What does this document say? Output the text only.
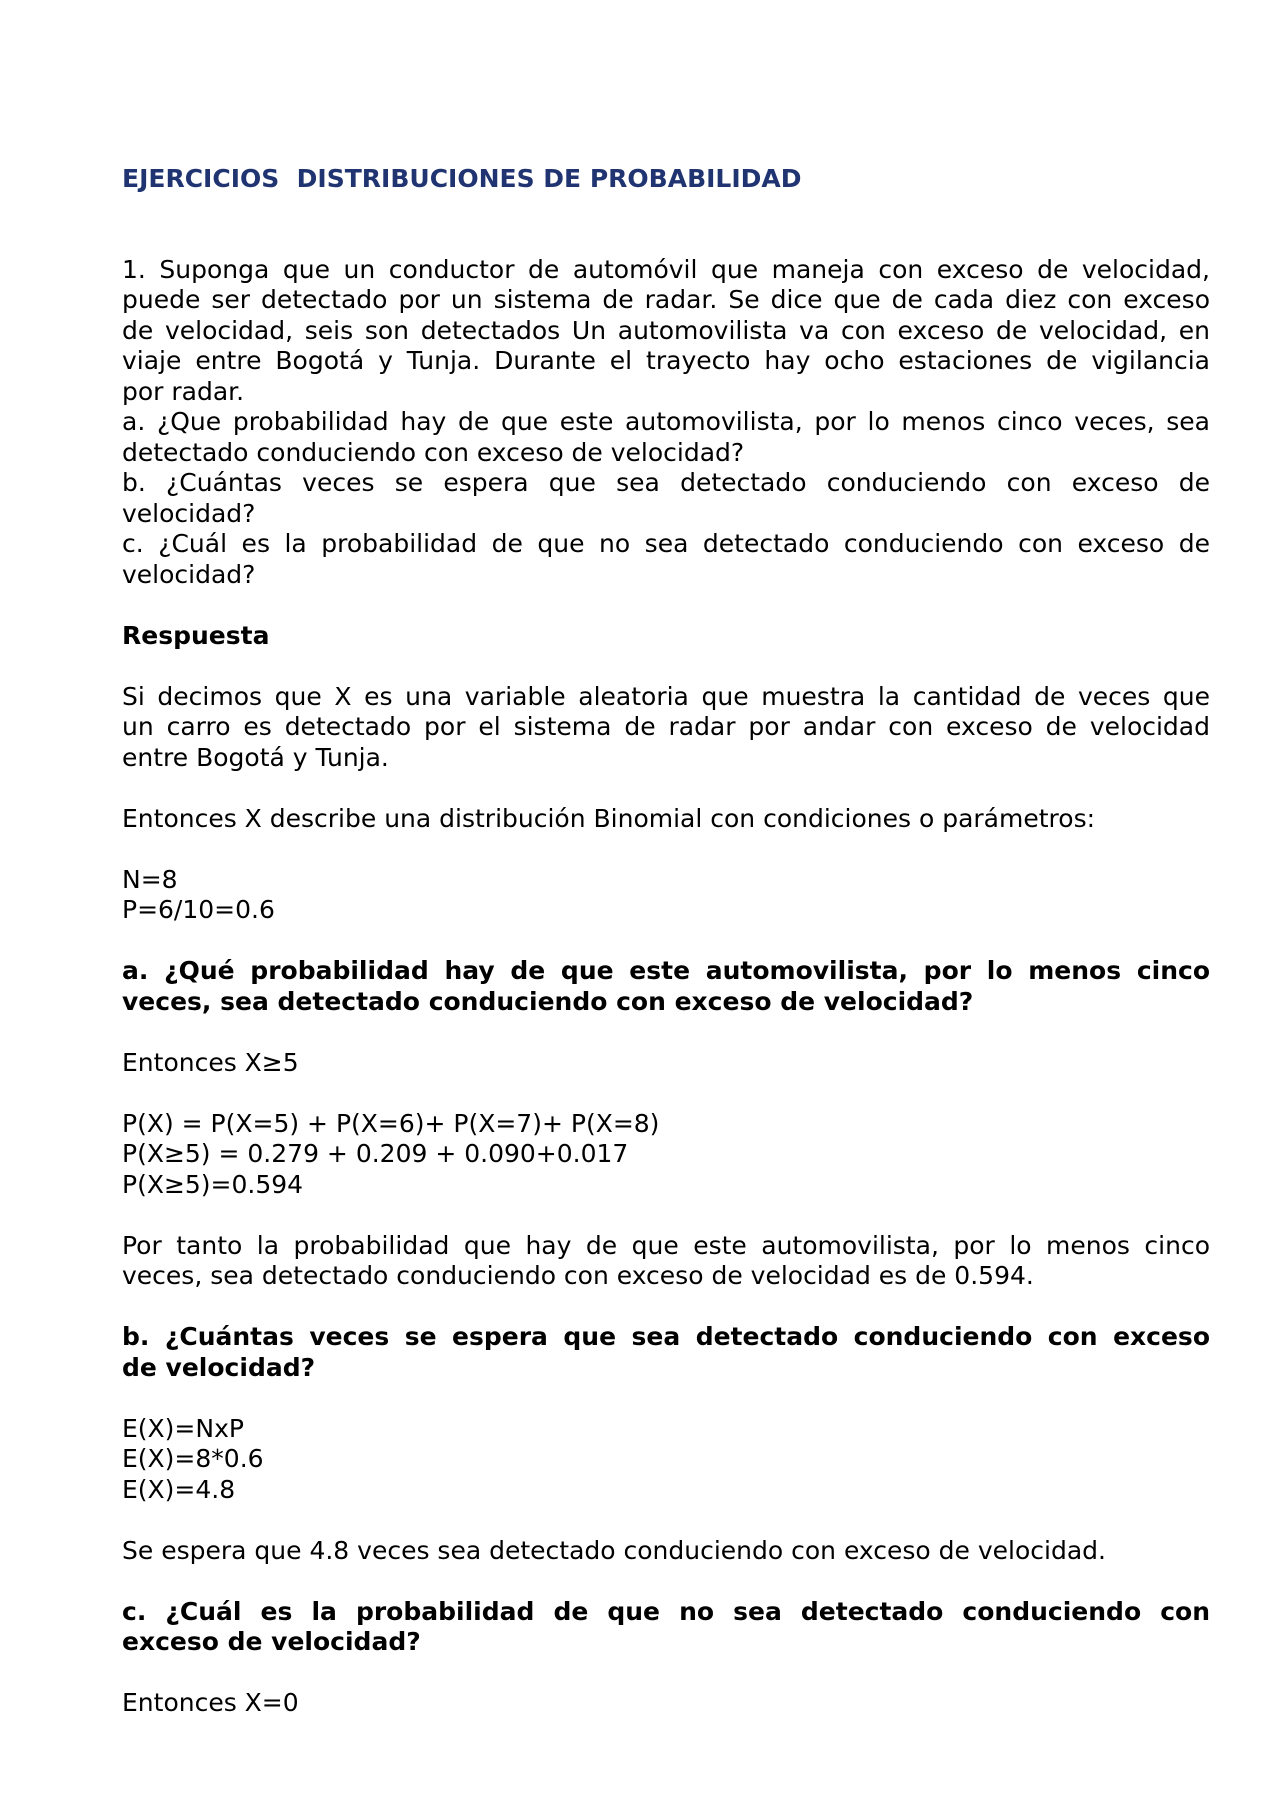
EJERCICIOS  DISTRIBUCIONES DE PROBABILIDAD
1. Suponga que un conductor de automóvil que maneja con exceso de velocidad,
puede ser detectado por un sistema de radar. Se dice que de cada diez con exceso
de velocidad, seis son detectados Un automovilista va con exceso de velocidad, en
viaje entre Bogotá y Tunja. Durante el trayecto hay ocho estaciones de vigilancia
por radar.
a. ¿Que probabilidad hay de que este automovilista, por lo menos cinco veces, sea
detectado conduciendo con exceso de velocidad?
b. ¿Cuántas veces se espera que sea detectado conduciendo con exceso de
velocidad?
c. ¿Cuál es la probabilidad de que no sea detectado conduciendo con exceso de
velocidad?
Respuesta
Si decimos que X es una variable aleatoria que muestra la cantidad de veces que
un carro es detectado por el sistema de radar por andar con exceso de velocidad
entre Bogotá y Tunja.
Entonces X describe una distribución Binomial con condiciones o parámetros:
N=8
P=6/10=0.6
a. ¿Qué probabilidad hay de que este automovilista, por lo menos cinco
veces, sea detectado conduciendo con exceso de velocidad?
Entonces X≥5
P(X) = P(X=5) + P(X=6)+ P(X=7)+ P(X=8)
P(X≥5) = 0.279 + 0.209 + 0.090+0.017
P(X≥5)=0.594
Por tanto la probabilidad que hay de que este automovilista, por lo menos cinco
veces, sea detectado conduciendo con exceso de velocidad es de 0.594.
b. ¿Cuántas veces se espera que sea detectado conduciendo con exceso
de velocidad?
E(X)=NxP
E(X)=8*0.6
E(X)=4.8
Se espera que 4.8 veces sea detectado conduciendo con exceso de velocidad.
c. ¿Cuál es la probabilidad de que no sea detectado conduciendo con
exceso de velocidad?
Entonces X=0
